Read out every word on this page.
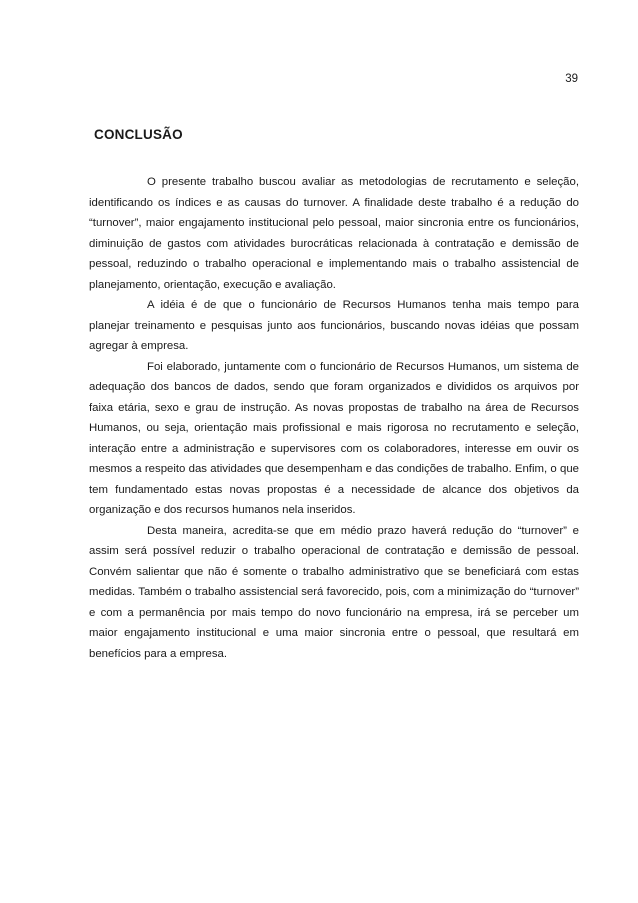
39
CONCLUSÃO

O presente trabalho buscou avaliar as metodologias de recrutamento e seleção, identificando os índices e as causas do turnover. A finalidade deste trabalho é a redução do “turnover”, maior engajamento institucional pelo pessoal, maior sincronia entre os funcionários, diminuição de gastos com atividades burocráticas relacionada à contratação e demissão de pessoal, reduzindo o trabalho operacional e implementando mais o trabalho assistencial de planejamento, orientação, execução e avaliação.

A idéia é de que o funcionário de Recursos Humanos tenha mais tempo para planejar treinamento e pesquisas junto aos funcionários, buscando novas idéias que possam agregar à empresa.

Foi elaborado, juntamente com o funcionário de Recursos Humanos, um sistema de adequação dos bancos de dados, sendo que foram organizados e divididos os arquivos por faixa etária, sexo e grau de instrução. As novas propostas de trabalho na área de Recursos Humanos, ou seja, orientação mais profissional e mais rigorosa no recrutamento e seleção, interação entre a administração e supervisores com os colaboradores, interesse em ouvir os mesmos a respeito das atividades que desempenham e das condições de trabalho. Enfim, o que tem fundamentado estas novas propostas é a necessidade de alcance dos objetivos da organização e dos recursos humanos nela inseridos.

Desta maneira, acredita-se que em médio prazo haverá redução do “turnover” e assim será possível reduzir o trabalho operacional de contratação e demissão de pessoal. Convém salientar que não é somente o trabalho administrativo que se beneficiará com estas medidas. Também o trabalho assistencial será favorecido, pois, com a minimização do “turnover” e com a permanência por mais tempo do novo funcionário na empresa, irá se perceber um maior engajamento institucional e uma maior sincronia entre o pessoal, que resultará em benefícios para a empresa.
